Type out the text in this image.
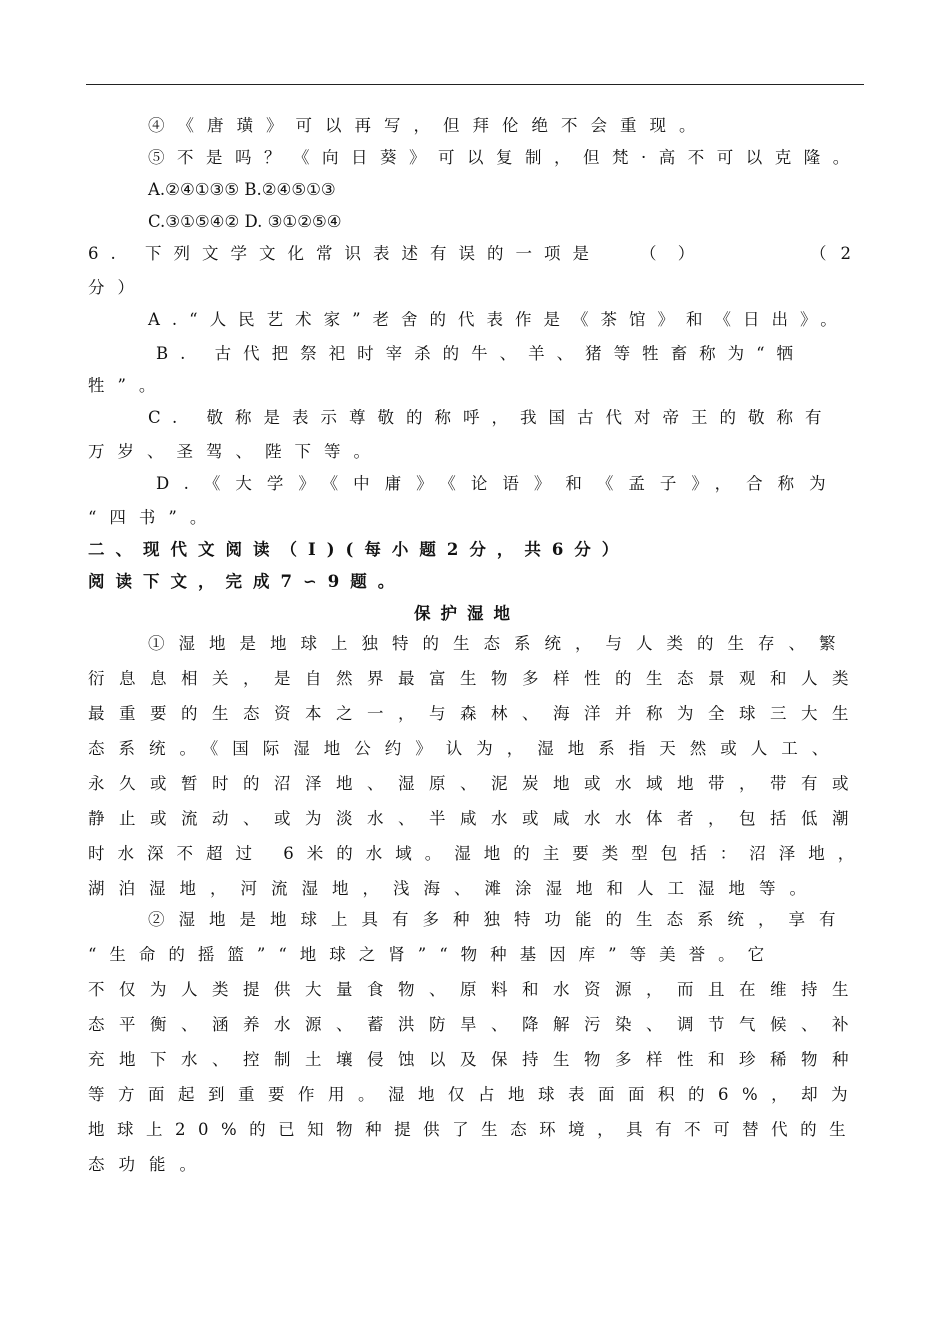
④《唐璜》可以再写，但拜伦绝不会重现。
⑤不是吗？《向日葵》可以复制，但梵·高不可以克隆。
A.②④①③⑤ B.②④⑤①③
C.③①⑤④② D. ③①②⑤④
6. 下列文学文化常识表述有误的一项是 （ ）	（2
分）
A.“人民艺术家”老舍的代表作是《茶馆》和《日出》。
B. 古代把祭祀时宰杀的牛、羊、猪等牲畜称为“牺
牲”。
C. 敬称是表示尊敬的称呼，我国古代对帝王的敬称有
万岁、圣驾、陛下等。
D.《大学》《中庸》《论语》和《孟子》，合称为
“四书”。
二、现代文阅读（I)(每小题2分，共6分）
阅读下文，完成7∽9题。
保护湿地
①湿地是地球上独特的生态系统，与人类的生存、繁
衍息息相关，是自然界最富生物多样性的生态景观和人类
最重要的生态资本之一，与森林、海洋并称为全球三大生
态系统。《国际湿地公约》认为，湿地系指天然或人工、
永久或暂时的沼泽地、湿原、泥炭地或水域地带，带有或
静止或流动、或为淡水、半咸水或咸水水体者，包括低潮
时水深不超过 6米的水域。湿地的主要类型包括：沼泽地，
湖泊湿地，河流湿地，浅海、滩涂湿地和人工湿地等。
②湿地是地球上具有多种独特功能的生态系统，享有
“生命的摇篮”“地球之肾”“物种基因库”等美誉。它
不仅为人类提供大量食物、原料和水资源，而且在维持生
态平衡、涵养水源、蓄洪防旱、降解污染、调节气候、补
充地下水、控制土壤侵蚀以及保持生物多样性和珍稀物种
等方面起到重要作用。湿地仅占地球表面面积的6%，却为
地球上20%的已知物种提供了生态环境，具有不可替代的生
态功能。
